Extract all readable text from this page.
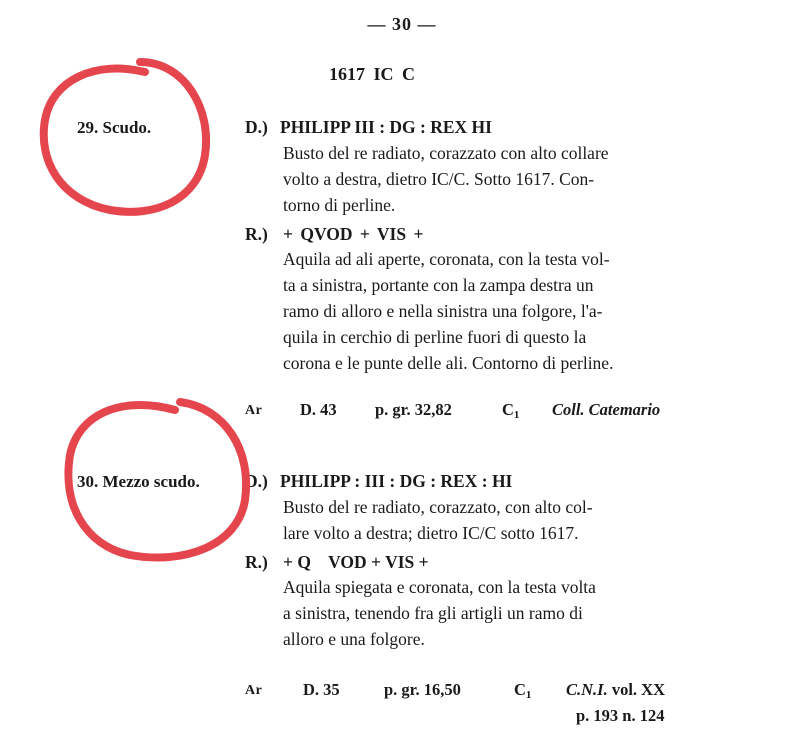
— 30 —
1617 IC C
29. Scudo.	D.) PHILIPP III : DG : REX HI
Busto del re radiato, corazzato con alto collare
volto a destra, dietro IC/C. Sotto 1617. Con-
torno di perline.
R.) + QVOD + VIS +
Aquila ad ali aperte, coronata, con la testa vol-
ta a sinistra, portante con la zampa destra un
ramo di alloro e nella sinistra una folgore, l'a-
quila in cerchio di perline fuori di questo la
corona e le punte delle ali. Contorno di perline.
Ar D. 43 p. gr. 32,82	$C_1$ Coll. Catemario
30. Mezzo scudo.	D.) PHILIPP : III : DG : REX : HI
Busto del re radiato, corazzato, con alto col-
lare volto a destra; dietro IC/C sotto 1617.
R.) + Q    VOD + VIS +
Aquila spiegata e coronata, con la testa volta
a sinistra, tenendo fra gli artigli un ramo di
alloro e una folgore.
Ar D. 35	p. gr. 16,50	$C_1$ C.N.I. vol. XX
p. 193 n. 124
